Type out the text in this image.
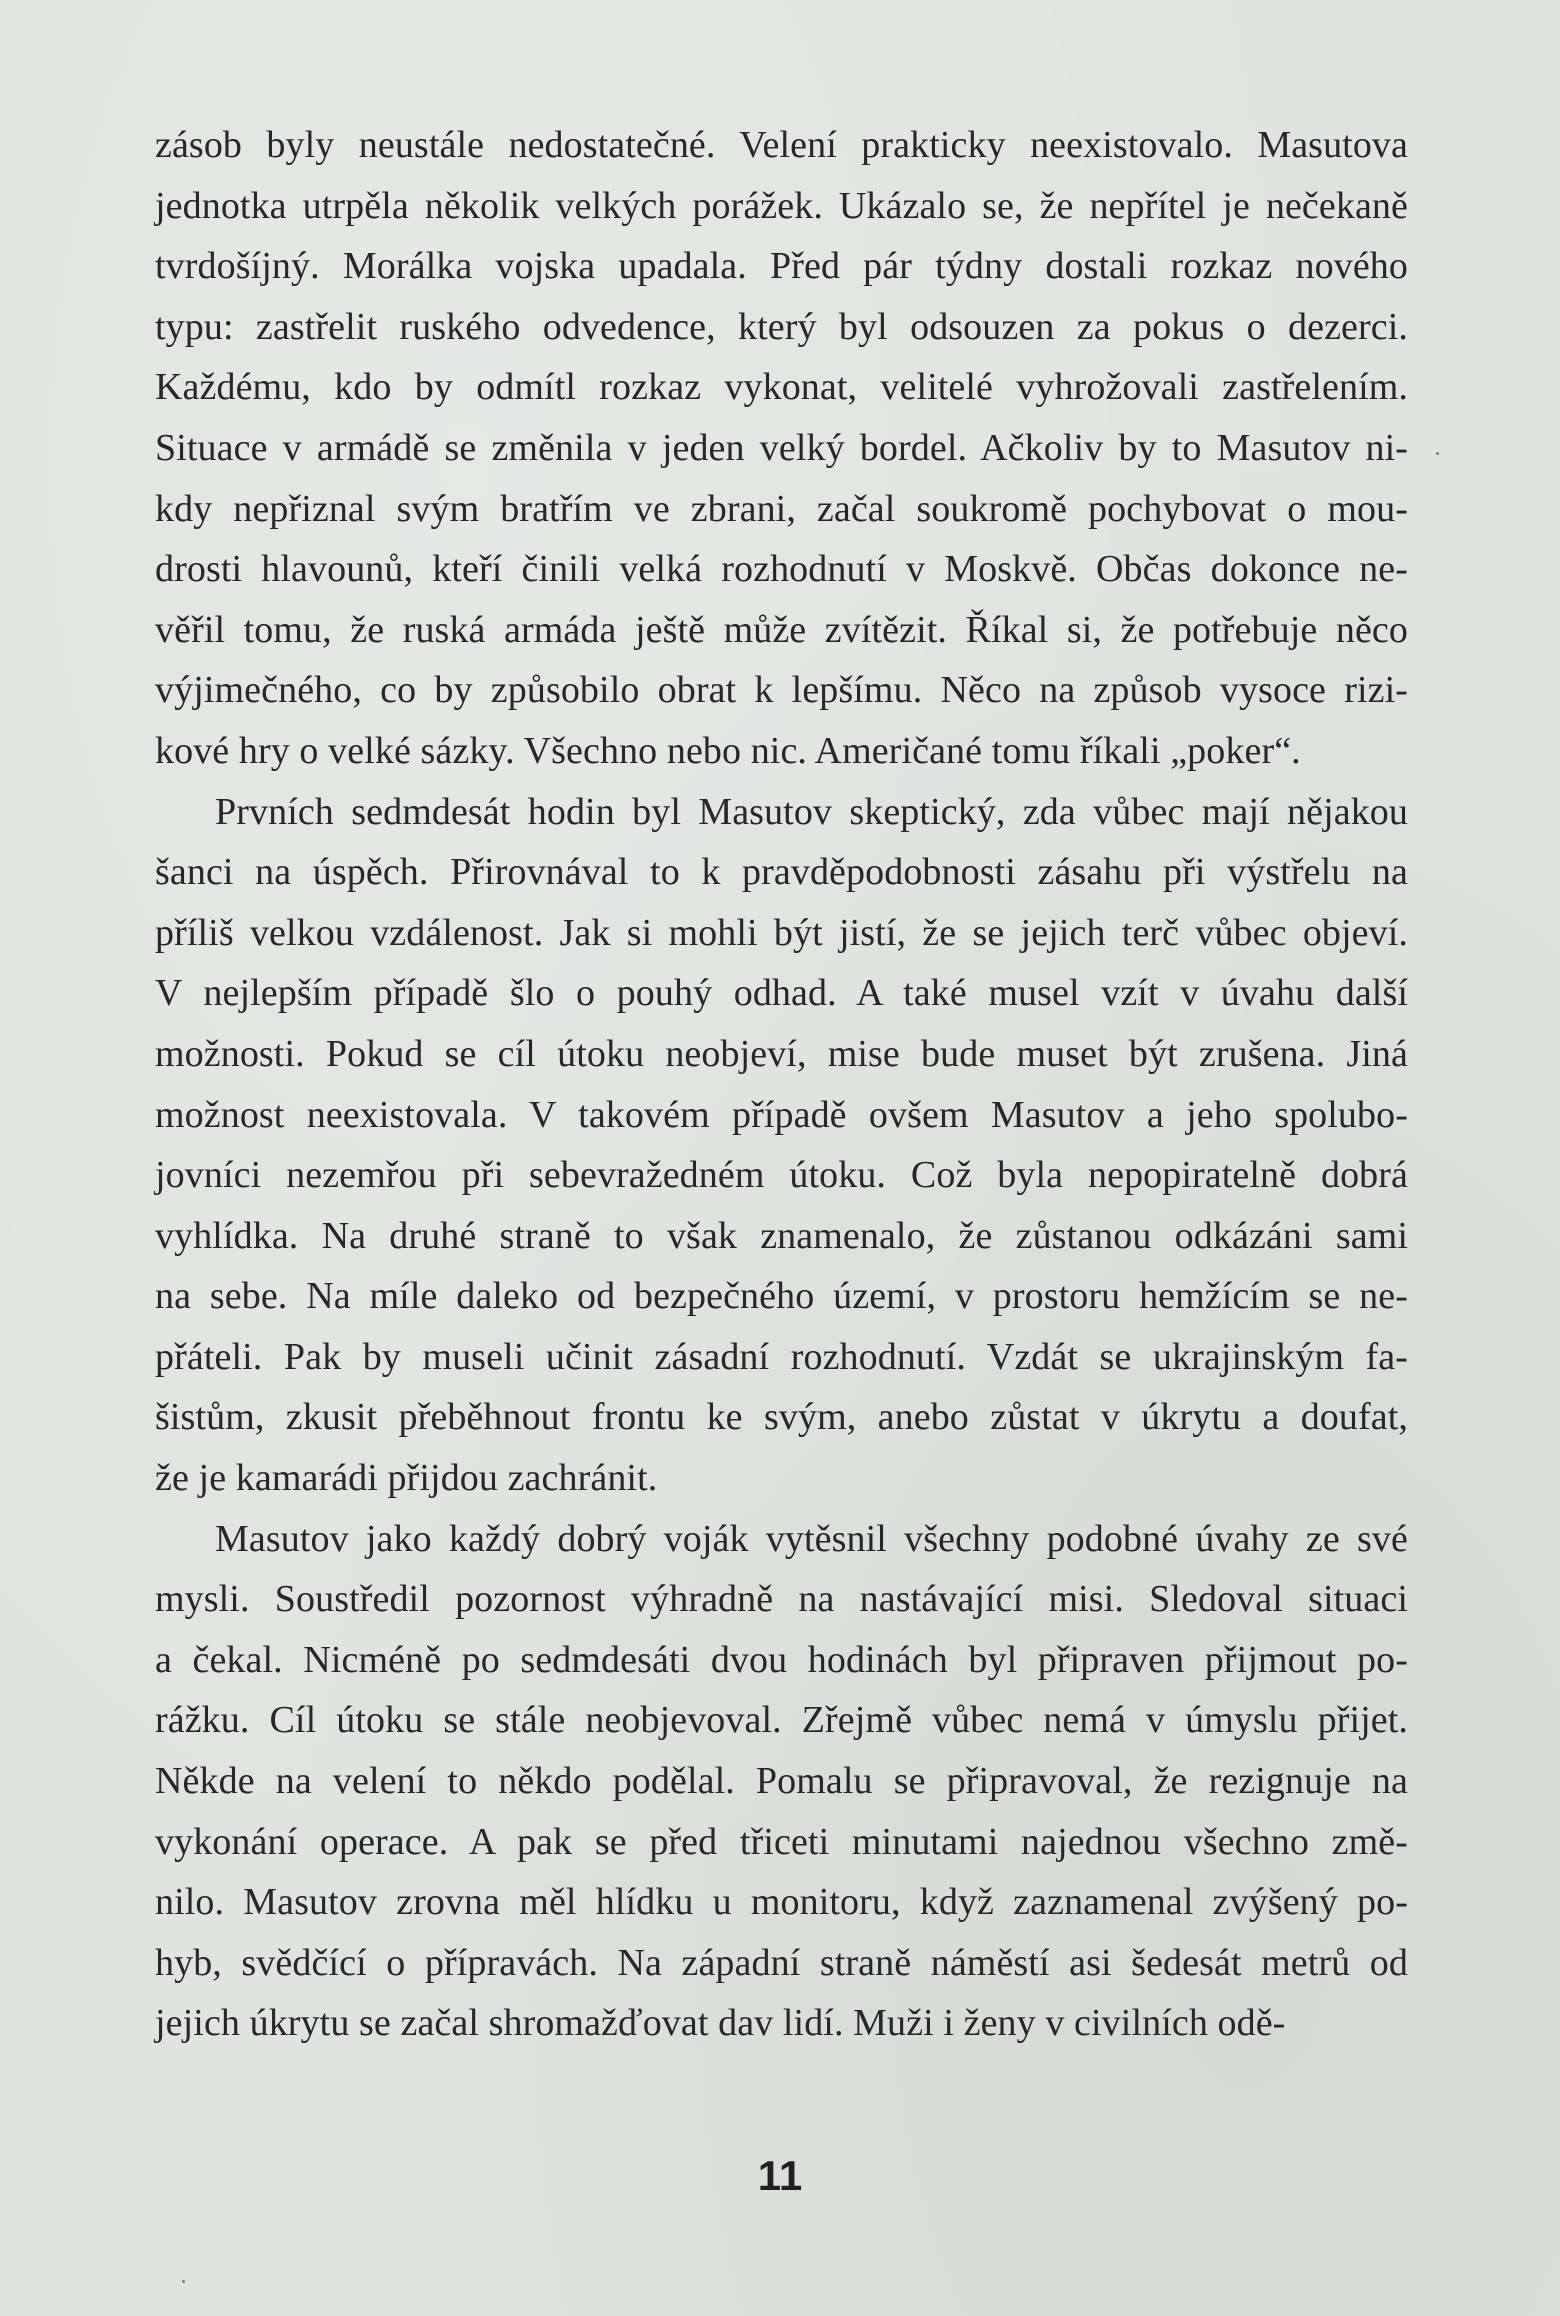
zásob byly neustále nedostatečné. Velení prakticky neexistovalo. Masutova
jednotka utrpěla několik velkých porážek. Ukázalo se, že nepřítel je nečekaně
tvrdošíjný. Morálka vojska upadala. Před pár týdny dostali rozkaz nového
typu: zastřelit ruského odvedence, který byl odsouzen za pokus o dezerci.
Každému, kdo by odmítl rozkaz vykonat, velitelé vyhrožovali zastřelením.
Situace v armádě se změnila v jeden velký bordel. Ačkoliv by to Masutov ni-
kdy nepřiznal svým bratřím ve zbrani, začal soukromě pochybovat o mou-
drosti hlavounů, kteří činili velká rozhodnutí v Moskvě. Občas dokonce ne-
věřil tomu, že ruská armáda ještě může zvítězit. Říkal si, že potřebuje něco
výjimečného, co by způsobilo obrat k lepšímu. Něco na způsob vysoce rizi-
kové hry o velké sázky. Všechno nebo nic. Američané tomu říkali „poker“.
Prvních sedmdesát hodin byl Masutov skeptický, zda vůbec mají nějakou
šanci na úspěch. Přirovnával to k pravděpodobnosti zásahu při výstřelu na
příliš velkou vzdálenost. Jak si mohli být jistí, že se jejich terč vůbec objeví.
V nejlepším případě šlo o pouhý odhad. A také musel vzít v úvahu další
možnosti. Pokud se cíl útoku neobjeví, mise bude muset být zrušena. Jiná
možnost neexistovala. V takovém případě ovšem Masutov a jeho spolubo-
jovníci nezemřou při sebevražedném útoku. Což byla nepopiratelně dobrá
vyhlídka. Na druhé straně to však znamenalo, že zůstanou odkázáni sami
na sebe. Na míle daleko od bezpečného území, v prostoru hemžícím se ne-
přáteli. Pak by museli učinit zásadní rozhodnutí. Vzdát se ukrajinským fa-
šistům, zkusit přeběhnout frontu ke svým, anebo zůstat v úkrytu a doufat,
že je kamarádi přijdou zachránit.
Masutov jako každý dobrý voják vytěsnil všechny podobné úvahy ze své
mysli. Soustředil pozornost výhradně na nastávající misi. Sledoval situaci
a čekal. Nicméně po sedmdesáti dvou hodinách byl připraven přijmout po-
rážku. Cíl útoku se stále neobjevoval. Zřejmě vůbec nemá v úmyslu přijet.
Někde na velení to někdo podělal. Pomalu se připravoval, že rezignuje na
vykonání operace. A pak se před třiceti minutami najednou všechno změ-
nilo. Masutov zrovna měl hlídku u monitoru, když zaznamenal zvýšený po-
hyb, svědčící o přípravách. Na západní straně náměstí asi šedesát metrů od
jejich úkrytu se začal shromažďovat dav lidí. Muži i ženy v civilních odě-
11
